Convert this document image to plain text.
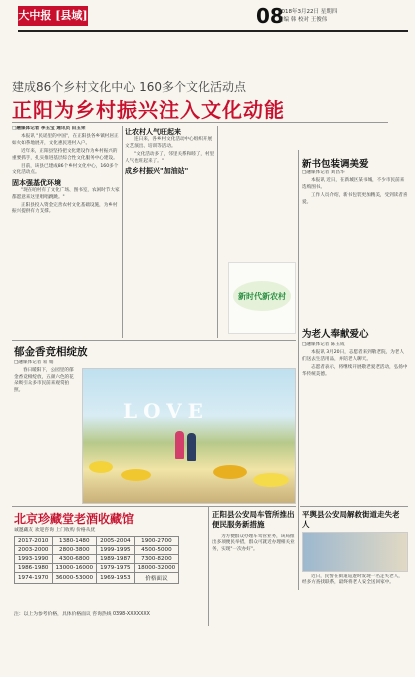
大中报 [县域]	08
2018年3月22日 星期四
责编 韩 校对 王俊伟
建成86个乡村文化中心 160多个文化活动点
正阳为乡村振兴注入文化动能

□融媒体记者 李玉宝 通讯员 田玉荣

本报讯 "民谣里的中国"，在正阳县各乡镇村居正如火如荼地展开，文化惠民进村入户。

近年来，正阳县坚持把文化建设作为乡村振兴的重要抓手，扎实推进基层综合性文化服务中心建设。

目前，该县已建成86个乡村文化中心，160多个文化活动点。

固本强基优环境

"现在咱村有了文化广场、图书室，农闲时节大家都愿意来这里唱唱跳跳。"

正阳县投入资金完善农村文化基础设施，为乡村振兴提供有力支撑。

让农村人气旺起来

连日来，各乡村文化活动中心组织开展文艺演出、培训等活动。

"文化活动多了，邻里关系和睦了，村里人气也旺起来了。"

成乡村振兴"加油站"
新书包装调美爱

□融媒体记者 刘昌华

本报讯 近日，在新城区某书城，不少市民前来选购图书。

工作人员介绍，新书包装更加精美，受到读者喜爱。

新时代新农村
为老人奉献爱心

□融媒体记者 陈玉成

本报讯 3月20日，志愿者来到敬老院，为老人们送去生活用品，并陪老人聊天。

志愿者表示，将继续开展敬老爱老活动，弘扬中华传统美德。

郁金香竞相绽放

□融媒体记者 易 娟

春日暖阳下，公园里的郁金香竞相绽放，五颜六色的花朵吸引众多市民前来观赏拍照。

LOVE
北京珍藏堂老酒收藏馆
诚邀藏友 欢迎咨询 上门收购 价格从优
2017-2010	1380-1480	2005-2004	1900-2700
2003-2000	2800-3800	1999-1995	4500-5000
1993-1990	4300-6800	1989-1987	7300-8200
1986-1980	13000-16000	1979-1975	18000-32000
1974-1970	36000-53000	1969-1953	价格面议
注：以上为参考价格，具体价格面议 咨询热线 0398-XXXXXXX
正阳县公安局车管所推出便民服务新措施

为方便群众办理车驾管业务，该局推出多项便民举措，群众可就近办理相关业务，实现"一次办好"。

平舆县公安局解救街道走失老人

近日，民警在街道巡逻时发现一名走失老人，经多方查找联系，最终将老人安全送回家中。
